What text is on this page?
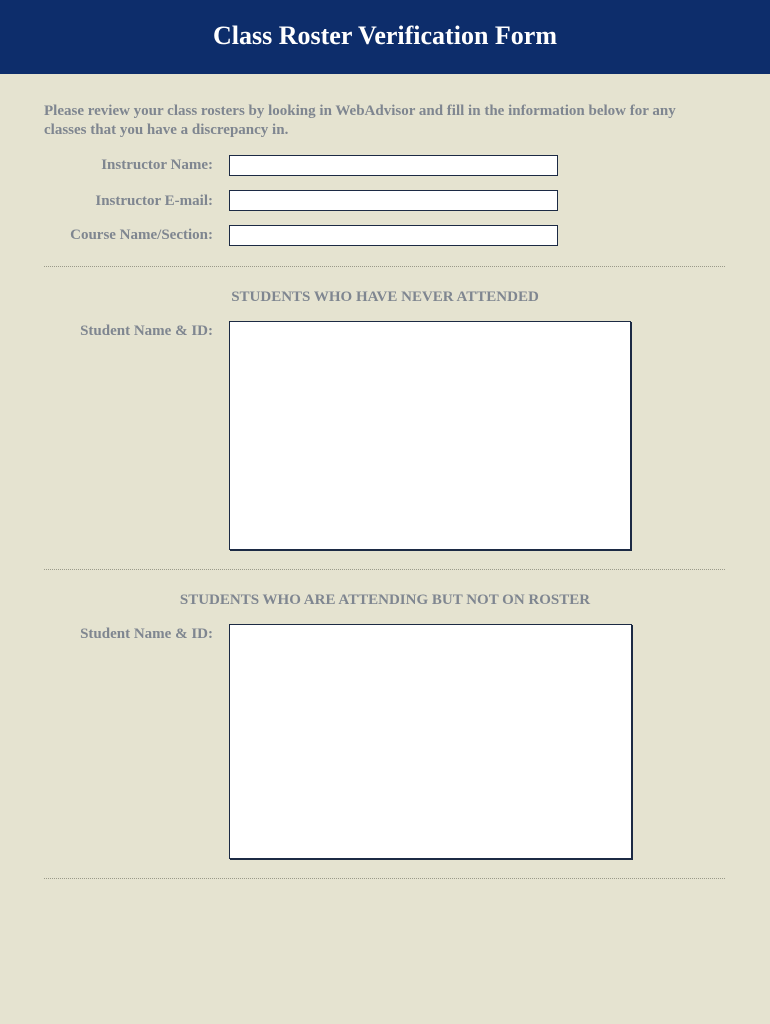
Class Roster Verification Form
Please review your class rosters by looking in WebAdvisor and fill in the information below for any classes that you have a discrepancy in.
Instructor Name:
Instructor E-mail:
Course Name/Section:
STUDENTS WHO HAVE NEVER ATTENDED
Student Name & ID:
STUDENTS WHO ARE ATTENDING BUT NOT ON ROSTER
Student Name & ID:
